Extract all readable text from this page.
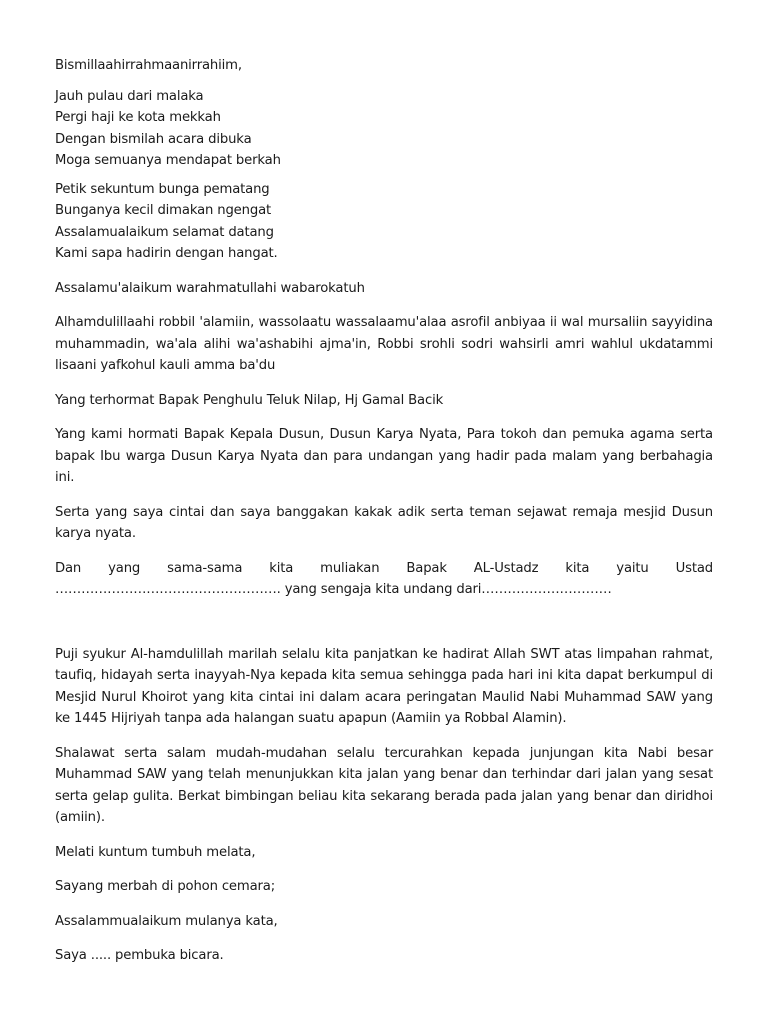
Bismillaahirrahmaanirrahiim,

Jauh pulau dari malaka
Pergi haji ke kota mekkah
Dengan bismilah acara dibuka
Moga semuanya mendapat berkah

Petik sekuntum bunga pematang
Bunganya kecil dimakan ngengat
Assalamualaikum selamat datang
Kami sapa hadirin dengan hangat.

Assalamu'alaikum warahmatullahi wabarokatuh

Alhamdulillaahi robbil 'alamiin, wassolaatu wassalaamu'alaa asrofil anbiyaa ii wal mursaliin sayyidina muhammadin, wa'ala alihi wa'ashabihi ajma'in, Robbi srohli sodri wahsirli amri wahlul ukdatammi lisaani yafkohul kauli amma ba'du

Yang terhormat Bapak Penghulu Teluk Nilap, Hj Gamal Bacik

Yang kami hormati Bapak Kepala Dusun, Dusun Karya Nyata, Para tokoh dan pemuka agama serta bapak Ibu warga Dusun Karya Nyata dan para undangan yang hadir pada malam yang berbahagia ini.

Serta yang saya cintai dan saya banggakan kakak adik serta teman sejawat remaja mesjid Dusun karya nyata.

Dan yang sama-sama kita muliakan Bapak AL-Ustadz kita yaitu Ustad ……………………………………………. yang sengaja kita undang dari…………………………

Puji syukur Al-hamdulillah marilah selalu kita panjatkan ke hadirat Allah SWT atas limpahan rahmat, taufiq, hidayah serta inayyah-Nya kepada kita semua sehingga pada hari ini kita dapat berkumpul di Mesjid Nurul Khoirot yang kita cintai ini dalam acara peringatan Maulid Nabi Muhammad SAW yang ke 1445 Hijriyah tanpa ada halangan suatu apapun (Aamiin ya Robbal Alamin).

Shalawat serta salam mudah-mudahan selalu tercurahkan kepada junjungan kita Nabi besar Muhammad SAW yang telah menunjukkan kita jalan yang benar dan terhindar dari jalan yang sesat serta gelap gulita. Berkat bimbingan beliau kita sekarang berada pada jalan yang benar dan diridhoi (amiin).

Melati kuntum tumbuh melata,

Sayang merbah di pohon cemara;

Assalammualaikum mulanya kata,

Saya ..... pembuka bicara.
